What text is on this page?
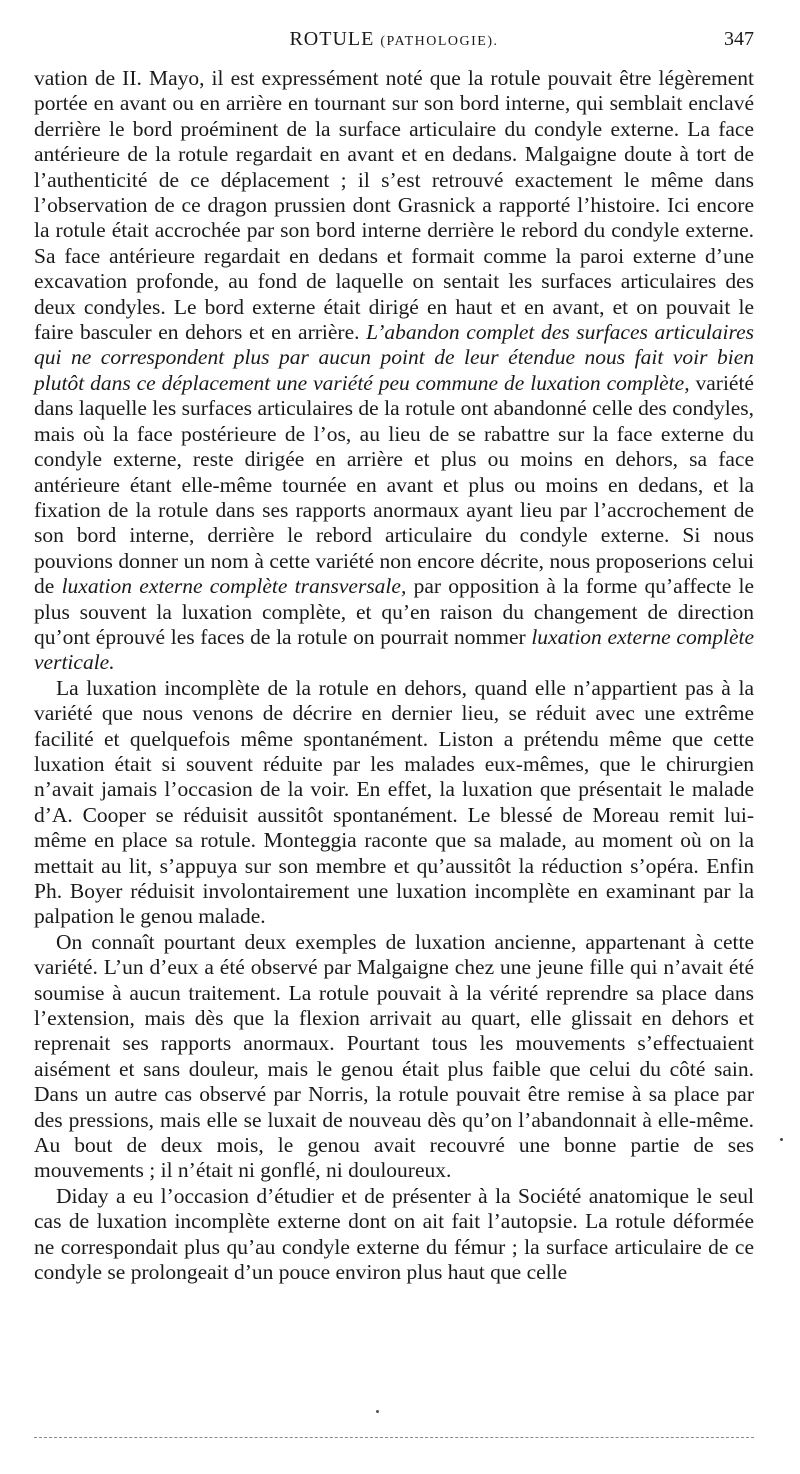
ROTULE (PATHOLOGIE).	347

vation de II. Mayo, il est expressément noté que la rotule pouvait être légèrement portée en avant ou en arrière en tournant sur son bord interne, qui semblait enclavé derrière le bord proéminent de la surface articulaire du condyle externe. La face antérieure de la rotule regardait en avant et en dedans. Malgaigne doute à tort de l’authenticité de ce déplacement ; il s’est retrouvé exactement le même dans l’observation de ce dragon prussien dont Grasnick a rapporté l’histoire. Ici encore la rotule était accrochée par son bord interne derrière le rebord du condyle externe. Sa face antérieure regardait en dedans et formait comme la paroi externe d’une excavation profonde, au fond de laquelle on sentait les surfaces articulaires des deux condyles. Le bord externe était dirigé en haut et en avant, et on pouvait le faire basculer en dehors et en arrière. L’abandon complet des surfaces articulaires qui ne correspondent plus par aucun point de leur étendue nous fait voir bien plutôt dans ce déplacement une variété peu commune de luxation complète, variété dans laquelle les surfaces articulaires de la rotule ont abandonné celle des condyles, mais où la face postérieure de l’os, au lieu de se rabattre sur la face externe du condyle externe, reste dirigée en arrière et plus ou moins en dehors, sa face antérieure étant elle-même tournée en avant et plus ou moins en dedans, et la fixation de la rotule dans ses rapports anormaux ayant lieu par l’accrochement de son bord interne, derrière le rebord articulaire du condyle externe. Si nous pouvions donner un nom à cette variété non encore décrite, nous proposerions celui de luxation externe complète transversale, par opposition à la forme qu’affecte le plus souvent la luxation complète, et qu’en raison du changement de direction qu’ont éprouvé les faces de la rotule on pourrait nommer luxation externe complète verticale.

La luxation incomplète de la rotule en dehors, quand elle n’appartient pas à la variété que nous venons de décrire en dernier lieu, se réduit avec une extrême facilité et quelquefois même spontanément. Liston a prétendu même que cette luxation était si souvent réduite par les malades eux-mêmes, que le chirurgien n’avait jamais l’occasion de la voir. En effet, la luxation que présentait le malade d’A. Cooper se réduisit aussitôt spontanément. Le blessé de Moreau remit lui-même en place sa rotule. Monteggia raconte que sa malade, au moment où on la mettait au lit, s’appuya sur son membre et qu’aussitôt la réduction s’opéra. Enfin Ph. Boyer réduisit involontairement une luxation incomplète en examinant par la palpation le genou malade.

On connaît pourtant deux exemples de luxation ancienne, appartenant à cette variété. L’un d’eux a été observé par Malgaigne chez une jeune fille qui n’avait été soumise à aucun traitement. La rotule pouvait à la vérité reprendre sa place dans l’extension, mais dès que la flexion arrivait au quart, elle glissait en dehors et reprenait ses rapports anormaux. Pourtant tous les mouvements s’effectuaient aisément et sans douleur, mais le genou était plus faible que celui du côté sain. Dans un autre cas observé par Norris, la rotule pouvait être remise à sa place par des pressions, mais elle se luxait de nouveau dès qu’on l’abandonnait à elle-même. Au bout de deux mois, le genou avait recouvré une bonne partie de ses mouvements ; il n’était ni gonflé, ni douloureux.

Diday a eu l’occasion d’étudier et de présenter à la Société anatomique le seul cas de luxation incomplète externe dont on ait fait l’autopsie. La rotule déformée ne correspondait plus qu’au condyle externe du fémur ; la surface articulaire de ce condyle se prolongeait d’un pouce environ plus haut que celle
